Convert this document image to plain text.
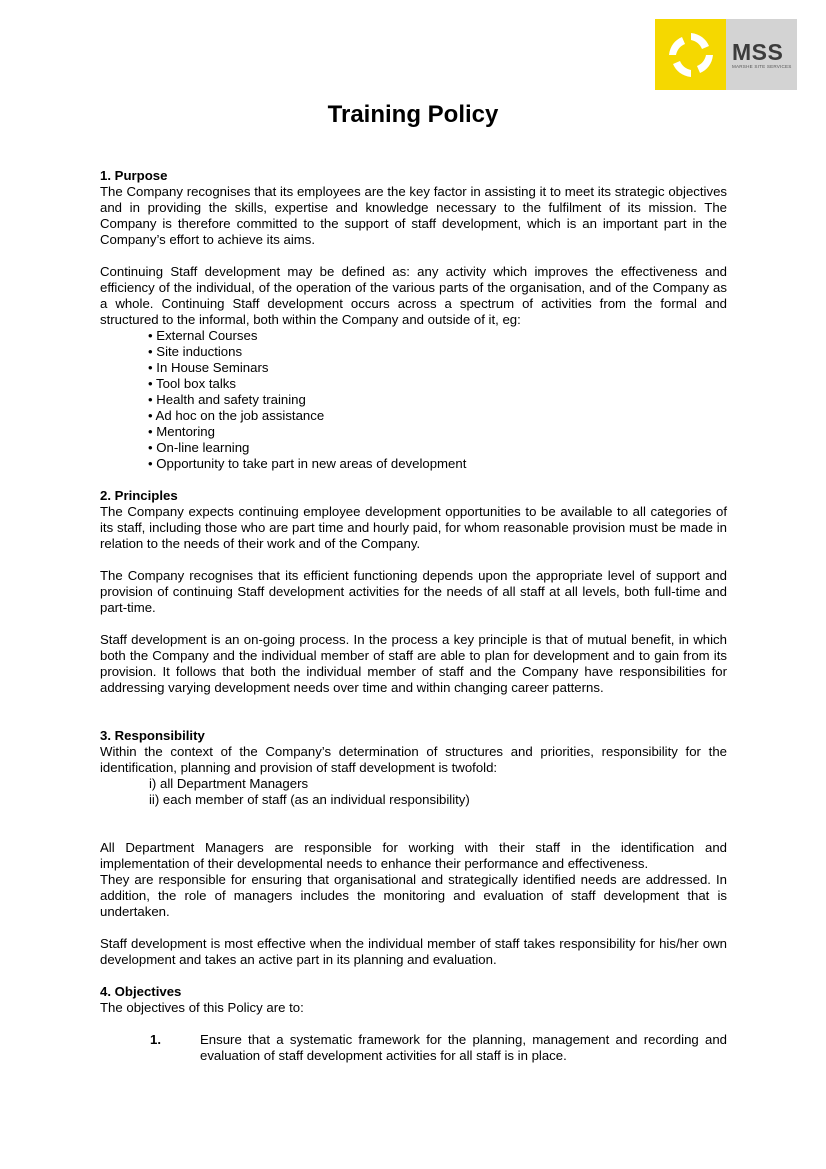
MSS
MARSHE SITE SERVICES
Training Policy
1. Purpose

The Company recognises that its employees are the key factor in assisting it to meet its strategic objectives and in providing the skills, expertise and knowledge necessary to the fulfilment of its mission. The Company is therefore committed to the support of staff development, which is an important part in the Company’s effort to achieve its aims.

Continuing Staff development may be defined as: any activity which improves the effectiveness and efficiency of the individual, of the operation of the various parts of the organisation, and of the Company as a whole. Continuing Staff development occurs across a spectrum of activities from the formal and structured to the informal, both within the Company and outside of it, eg:

• External Courses
• Site inductions
• In House Seminars
• Tool box talks
• Health and safety training
• Ad hoc on the job assistance
• Mentoring
• On-line learning
• Opportunity to take part in new areas of development
2. Principles

The Company expects continuing employee development opportunities to be available to all categories of its staff, including those who are part time and hourly paid, for whom reasonable provision must be made in relation to the needs of their work and of the Company.

The Company recognises that its efficient functioning depends upon the appropriate level of support and provision of continuing Staff development activities for the needs of all staff at all levels, both full-time and part-time.

Staff development is an on-going process. In the process a key principle is that of mutual benefit, in which both the Company and the individual member of staff are able to plan for development and to gain from its provision. It follows that both the individual member of staff and the Company have responsibilities for addressing varying development needs over time and within changing career patterns.

3. Responsibility

Within the context of the Company’s determination of structures and priorities, responsibility for the identification, planning and provision of staff development is twofold:

i) all Department Managers
ii) each member of staff (as an individual responsibility)

All Department Managers are responsible for working with their staff in the identification and implementation of their developmental needs to enhance their performance and effectiveness.

They are responsible for ensuring that organisational and strategically identified needs are addressed. In addition, the role of managers includes the monitoring and evaluation of staff development that is undertaken.

Staff development is most effective when the individual member of staff takes responsibility for his/her own development and takes an active part in its planning and evaluation.

4. Objectives

The objectives of this Policy are to:

1.	Ensure that a systematic framework for the planning, management and recording and evaluation of staff development activities for all staff is in place.
